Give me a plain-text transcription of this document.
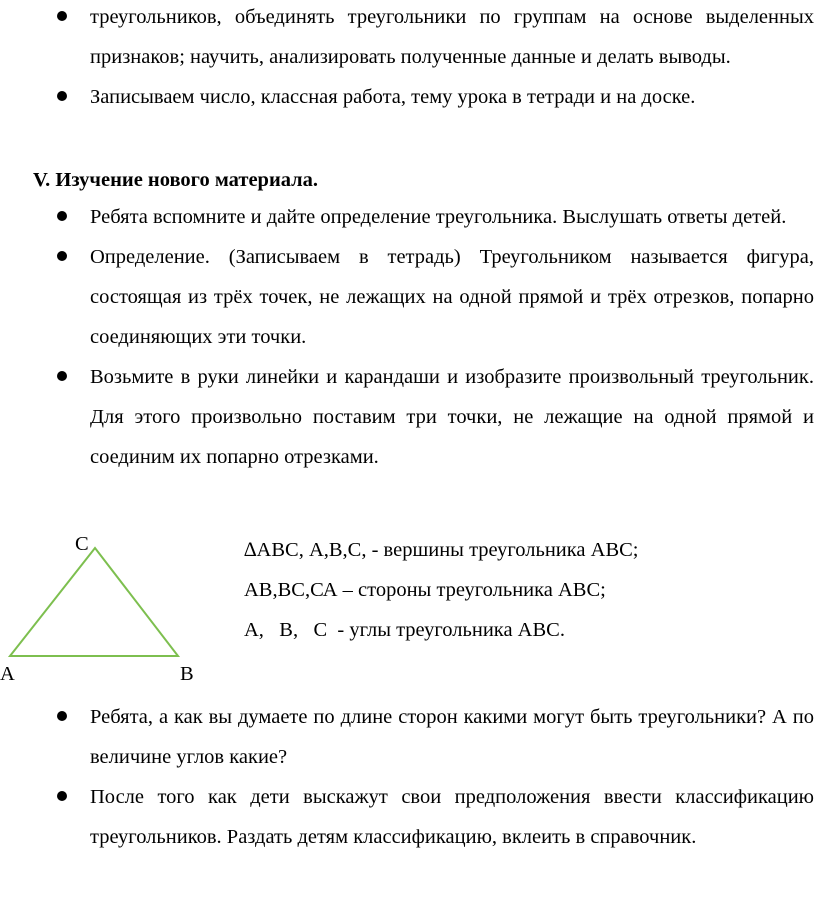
треугольников, объединять треугольники по группам на основе выделенных признаков; научить, анализировать полученные данные и делать выводы.

Записываем число, классная работа, тему урока в тетради и на доске.

V. Изучение нового материала.

Ребята вспомните и дайте определение треугольника. Выслушать ответы детей.

Определение. (Записываем в тетрадь) Треугольником называется фигура, состоящая из трёх точек, не лежащих на одной прямой и трёх отрезков, попарно соединяющих эти точки.

Возьмите в руки линейки и карандаши и изобразите произвольный треугольник. Для этого произвольно поставим три точки, не лежащие на одной прямой и соединим их попарно отрезками.

С
А	В
∆АВС, А,В,С, - вершины треугольника АВС;
АВ,ВС,СА – стороны треугольника АВС;
А,   В,   С  - углы треугольника АВС.

Ребята, а как вы думаете по длине сторон какими могут быть треугольники? А по величине углов какие?

После того как дети выскажут свои предположения ввести классификацию треугольников. Раздать детям классификацию, вклеить в справочник.
